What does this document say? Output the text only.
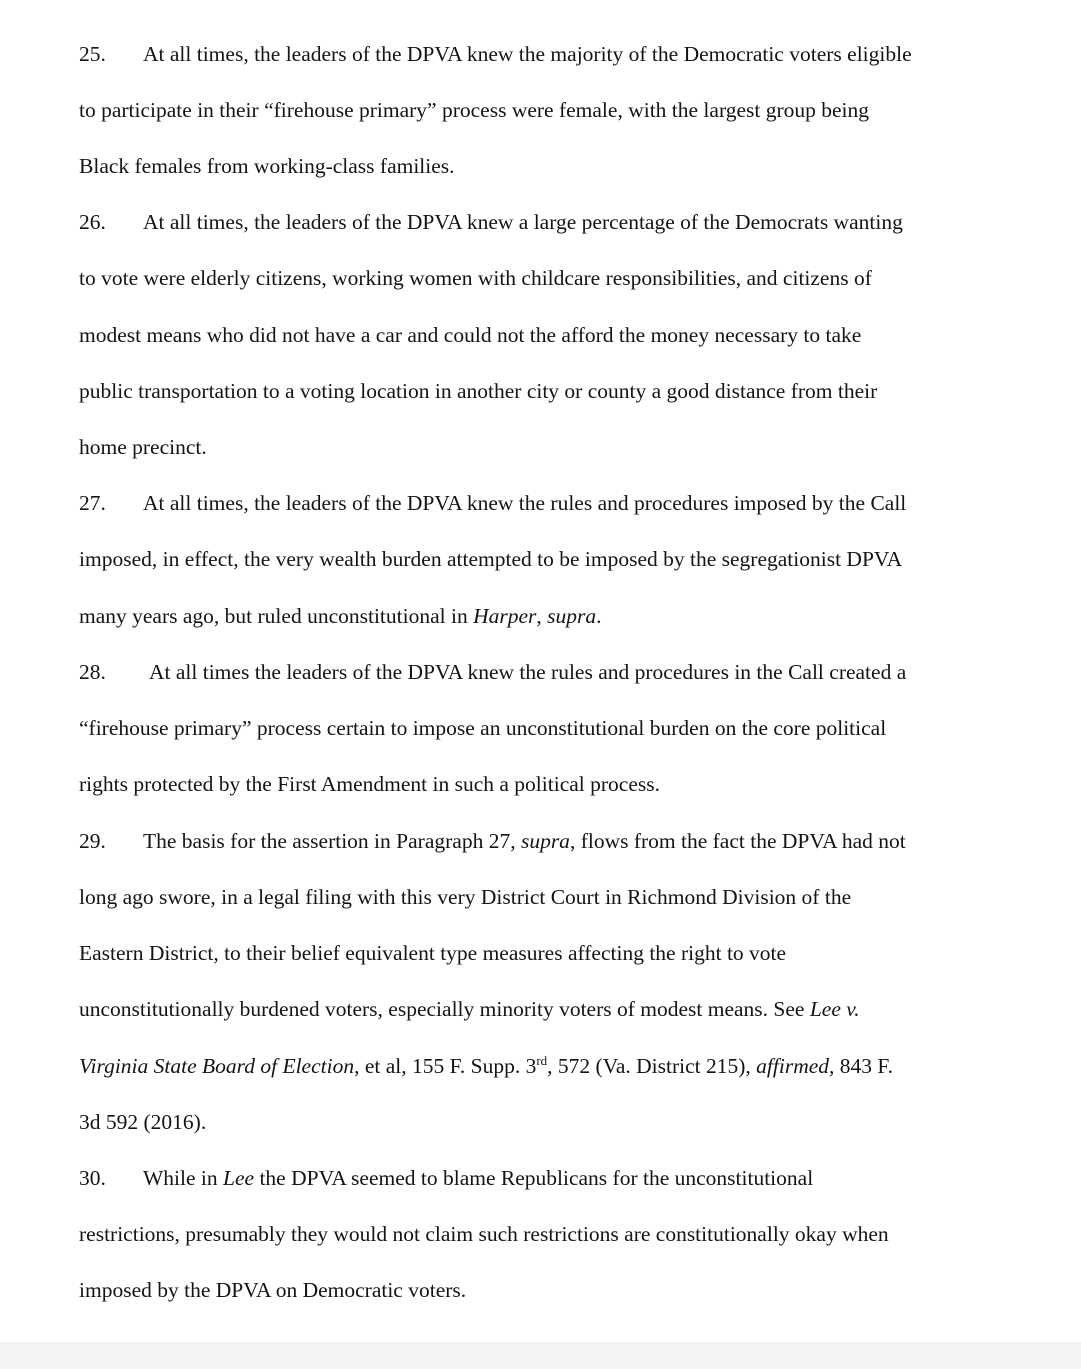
25. At all times, the leaders of the DPVA knew the majority of the Democratic voters eligible
to participate in their “firehouse primary” process were female, with the largest group being
Black females from working-class families.
26. At all times, the leaders of the DPVA knew a large percentage of the Democrats wanting
to vote were elderly citizens, working women with childcare responsibilities, and citizens of
modest means who did not have a car and could not the afford the money necessary to take
public transportation to a voting location in another city or county a good distance from their
home precinct.
27. At all times, the leaders of the DPVA knew the rules and procedures imposed by the Call
imposed, in effect, the very wealth burden attempted to be imposed by the segregationist DPVA
many years ago, but ruled unconstitutional in Harper, supra.
28. At all times the leaders of the DPVA knew the rules and procedures in the Call created a
“firehouse primary” process certain to impose an unconstitutional burden on the core political
rights protected by the First Amendment in such a political process.
29. The basis for the assertion in Paragraph 27, supra, flows from the fact the DPVA had not
long ago swore, in a legal filing with this very District Court in Richmond Division of the
Eastern District, to their belief equivalent type measures affecting the right to vote
unconstitutionally burdened voters, especially minority voters of modest means. See Lee v.
Virginia State Board of Election, et al, 155 F. Supp. 3rd, 572 (Va. District 215), affirmed, 843 F.
3d 592 (2016).
30. While in Lee the DPVA seemed to blame Republicans for the unconstitutional
restrictions, presumably they would not claim such restrictions are constitutionally okay when
imposed by the DPVA on Democratic voters.
